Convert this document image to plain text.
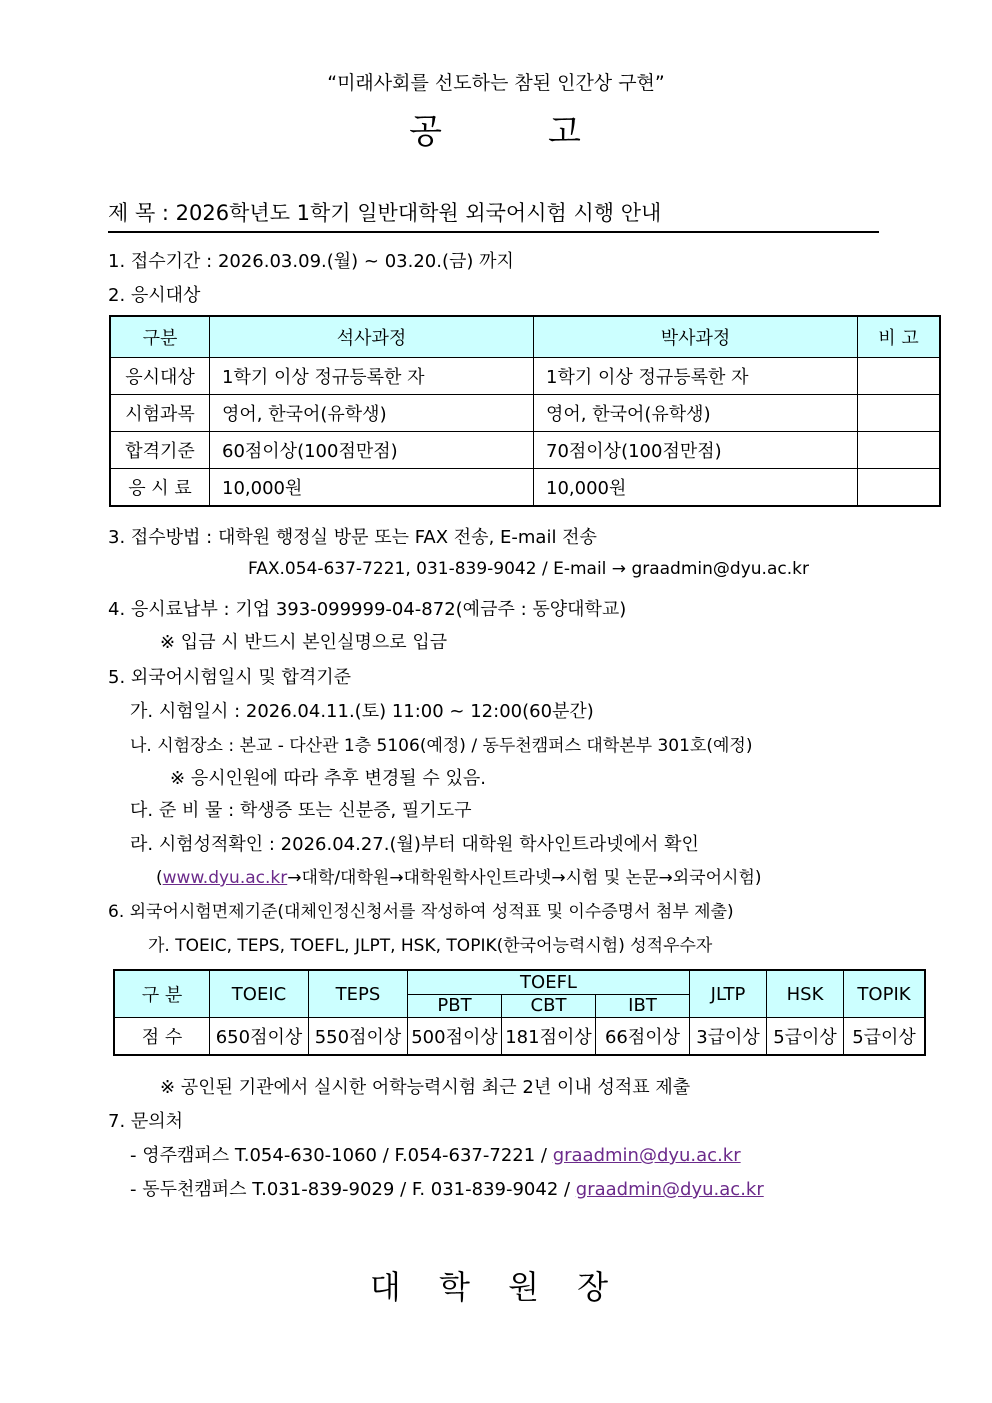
“미래사회를 선도하는 참된 인간상 구현”
공	고
제 목 : 2026학년도 1학기 일반대학원 외국어시험 시행 안내
1. 접수기간 : 2026.03.09.(월) ~ 03.20.(금) 까지
2. 응시대상
구분	석사과정	박사과정	비 고
응시대상	1학기 이상 정규등록한 자	1학기 이상 정규등록한 자	
시험과목	영어, 한국어(유학생)	영어, 한국어(유학생)	
합격기준	60점이상(100점만점)	70점이상(100점만점)	
응 시 료	10,000원	10,000원	
3. 접수방법 : 대학원 행정실 방문 또는 FAX 전송, E-mail 전송
FAX.054-637-7221, 031-839-9042 / E-mail → graadmin@dyu.ac.kr
4. 응시료납부 : 기업 393-099999-04-872(예금주 : 동양대학교)
※ 입금 시 반드시 본인실명으로 입금
5. 외국어시험일시 및 합격기준
가. 시험일시 : 2026.04.11.(토) 11:00 ~ 12:00(60분간)
나. 시험장소 : 본교 - 다산관 1층 5106(예정) / 동두천캠퍼스 대학본부 301호(예정)
※ 응시인원에 따라 추후 변경될 수 있음.
다. 준 비 물 : 학생증 또는 신분증, 필기도구
라. 시험성적확인 : 2026.04.27.(월)부터 대학원 학사인트라넷에서 확인
(www.dyu.ac.kr→대학/대학원→대학원학사인트라넷→시험 및 논문→외국어시험)
6. 외국어시험면제기준(대체인정신청서를 작성하여 성적표 및 이수증명서 첨부 제출)
가. TOEIC, TEPS, TOEFL, JLPT, HSK, TOPIK(한국어능력시험) 성적우수자
구 분	TOEIC	TEPS	TOEFL			JLTP	HSK	TOPIK
			PBT	CBT	IBT			
점 수	650점이상	550점이상	500점이상	181점이상	66점이상	3급이상	5급이상	5급이상
※ 공인된 기관에서 실시한 어학능력시험 최근 2년 이내 성적표 제출
7. 문의처
- 영주캠퍼스 T.054-630-1060 / F.054-637-7221 / graadmin@dyu.ac.kr
- 동두천캠퍼스 T.031-839-9029 / F. 031-839-9042 / graadmin@dyu.ac.kr
대 학 원 장
